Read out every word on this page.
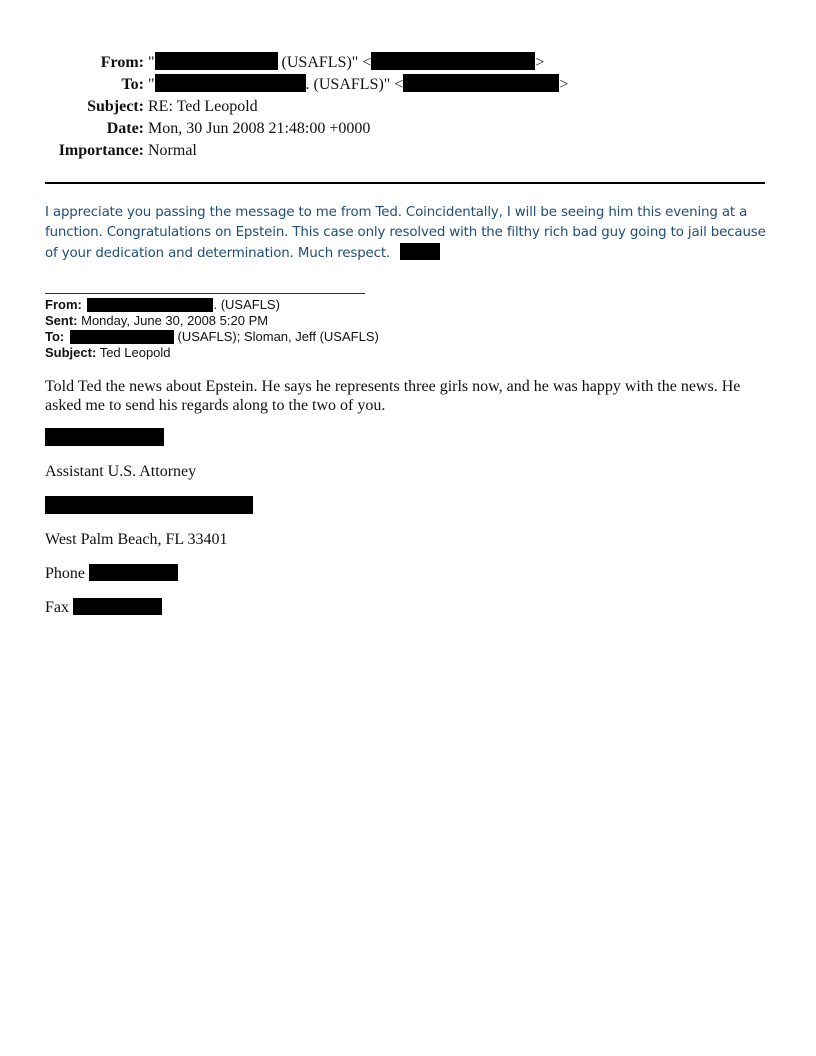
From: "	(USAFLS)" <	>
To: "	. (USAFLS)" <	>
Subject: RE: Ted Leopold
Date: Mon, 30 Jun 2008 21:48:00 +0000
Importance: Normal
I appreciate you passing the message to me from Ted. Coincidentally, I will be seeing him this evening at a function. Congratulations on Epstein. This case only resolved with the filthy rich bad guy going to jail because of your dedication and determination. Much respect.
From:	. (USAFLS)
Sent: Monday, June 30, 2008 5:20 PM
To:	(USAFLS); Sloman, Jeff (USAFLS)
Subject: Ted Leopold
Told Ted the news about Epstein. He says he represents three girls now, and he was happy with the news. He asked me to send his regards along to the two of you.
Assistant U.S. Attorney
West Palm Beach, FL 33401
Phone
Fax
